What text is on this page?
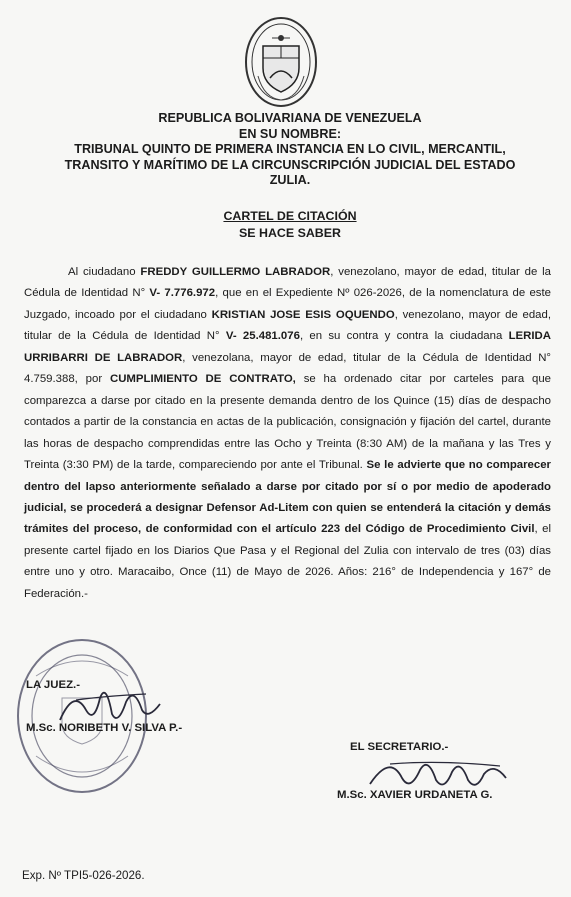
REPUBLICA BOLIVARIANA DE VENEZUELA
EN SU NOMBRE:
TRIBUNAL QUINTO DE PRIMERA INSTANCIA EN LO CIVIL, MERCANTIL,
TRANSITO Y MARÍTIMO DE LA CIRCUNSCRIPCIÓN JUDICIAL DEL ESTADO
ZULIA.
CARTEL DE CITACIÓN
SE HACE SABER

Al ciudadano FREDDY GUILLERMO LABRADOR, venezolano, mayor de edad, titular de la Cédula de Identidad N° V- 7.776.972, que en el Expediente Nº 026-2026, de la nomenclatura de este Juzgado, incoado por el ciudadano KRISTIAN JOSE ESIS OQUENDO, venezolano, mayor de edad, titular de la Cédula de Identidad N° V- 25.481.076, en su contra y contra la ciudadana LERIDA URRIBARRI DE LABRADOR, venezolana, mayor de edad, titular de la Cédula de Identidad N° 4.759.388, por CUMPLIMIENTO DE CONTRATO, se ha ordenado citar por carteles para que comparezca a darse por citado en la presente demanda dentro de los Quince (15) días de despacho contados a partir de la constancia en actas de la publicación, consignación y fijación del cartel, durante las horas de despacho comprendidas entre las Ocho y Treinta (8:30 AM) de la mañana y las Tres y Treinta (3:30 PM) de la tarde, compareciendo por ante el Tribunal. Se le advierte que no comparecer dentro del lapso anteriormente señalado a darse por citado por sí o por medio de apoderado judicial, se procederá a designar Defensor Ad-Litem con quien se entenderá la citación y demás trámites del proceso, de conformidad con el artículo 223 del Código de Procedimiento Civil, el presente cartel fijado en los Diarios Que Pasa y el Regional del Zulia con intervalo de tres (03) días entre uno y otro. Maracaibo, Once (11) de Mayo de 2026. Años: 216° de Independencia y 167° de Federación.-

LA JUEZ.-
M.Sc. NORIBETH V. SILVA P.-
EL SECRETARIO.-
M.Sc. XAVIER URDANETA G.
Exp. Nº TPI5-026-2026.
